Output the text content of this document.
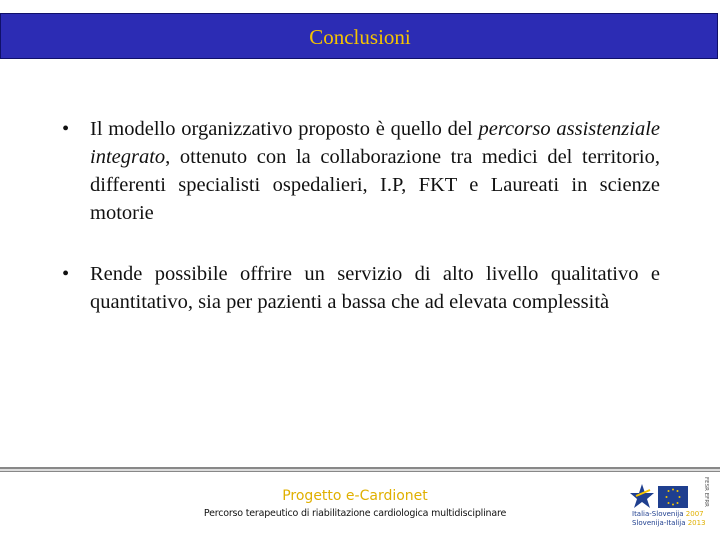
Conclusioni
•	Il modello organizzativo proposto è quello del percorso assistenziale integrato, ottenuto con la collaborazione tra medici del territorio, differenti specialisti ospedalieri, I.P, FKT e Laureati in scienze motorie
•	Rende possibile offrire un servizio di alto livello qualitativo e quantitativo, sia per pazienti a bassa che ad elevata complessità
Progetto e-Cardionet
Percorso terapeutico di riabilitazione cardiologica multidisciplinare
FESR EFRR
Italia-Slovenija 2007
Slovenija-Italija 2013
